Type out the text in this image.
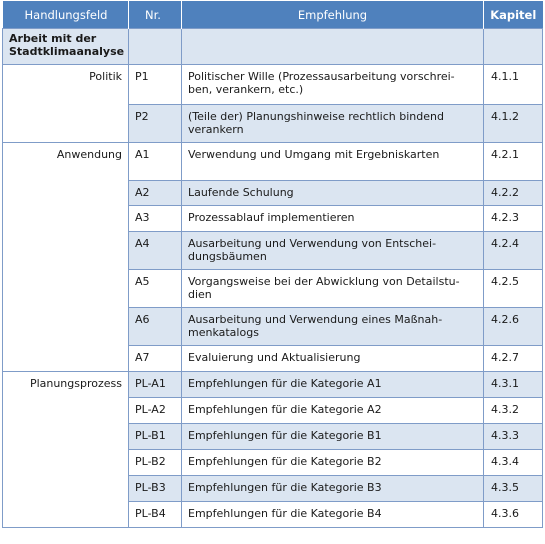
Handlungsfeld	Nr.	Empfehlung	Kapitel
Arbeit mit der Stadtklimaanalyse			

Politik	P1	Politischer Wille (Prozessausarbeitung vorschrei-ben, verankern, etc.)	4.1.1

	P2	(Teile der) Planungshinweise rechtlich bindend verankern	4.1.2

Anwendung	A1	Verwendung und Umgang mit Ergebniskarten	4.2.1

	A2	Laufende Schulung	4.2.2

	A3	Prozessablauf implementieren	4.2.3

	A4	Ausarbeitung und Verwendung von Entschei-dungsbäumen	4.2.4

	A5	Vorgangsweise bei der Abwicklung von Detailstu-dien	4.2.5

	A6	Ausarbeitung und Verwendung eines Maßnah-menkatalogs	4.2.6

	A7	Evaluierung und Aktualisierung	4.2.7

Planungsprozess	PL-A1	Empfehlungen für die Kategorie A1	4.3.1

	PL-A2	Empfehlungen für die Kategorie A2	4.3.2

	PL-B1	Empfehlungen für die Kategorie B1	4.3.3

	PL-B2	Empfehlungen für die Kategorie B2	4.3.4

	PL-B3	Empfehlungen für die Kategorie B3	4.3.5

	PL-B4	Empfehlungen für die Kategorie B4	4.3.6
